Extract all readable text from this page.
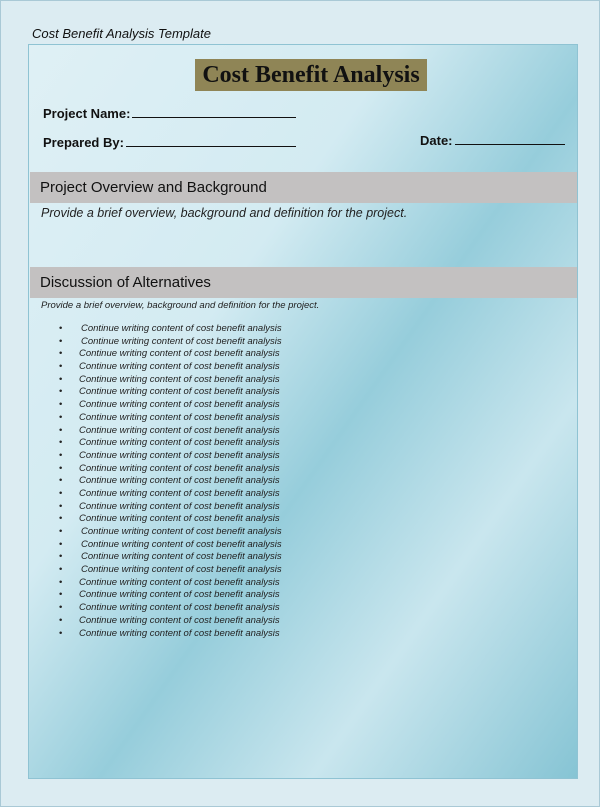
Cost Benefit Analysis Template
Cost Benefit Analysis
Project Name:
Prepared By:	Date:
Project Overview and Background
Provide a brief overview, background and definition for the project.
Discussion of Alternatives
Provide a brief overview, background and definition for the project.
• Continue writing content of cost benefit analysis
• Continue writing content of cost benefit analysis
• Continue writing content of cost benefit analysis
• Continue writing content of cost benefit analysis
• Continue writing content of cost benefit analysis
• Continue writing content of cost benefit analysis
• Continue writing content of cost benefit analysis
• Continue writing content of cost benefit analysis
• Continue writing content of cost benefit analysis
• Continue writing content of cost benefit analysis
• Continue writing content of cost benefit analysis
• Continue writing content of cost benefit analysis
• Continue writing content of cost benefit analysis
• Continue writing content of cost benefit analysis
• Continue writing content of cost benefit analysis
• Continue writing content of cost benefit analysis
• Continue writing content of cost benefit analysis
• Continue writing content of cost benefit analysis
• Continue writing content of cost benefit analysis
• Continue writing content of cost benefit analysis
• Continue writing content of cost benefit analysis
• Continue writing content of cost benefit analysis
• Continue writing content of cost benefit analysis
• Continue writing content of cost benefit analysis
• Continue writing content of cost benefit analysis
